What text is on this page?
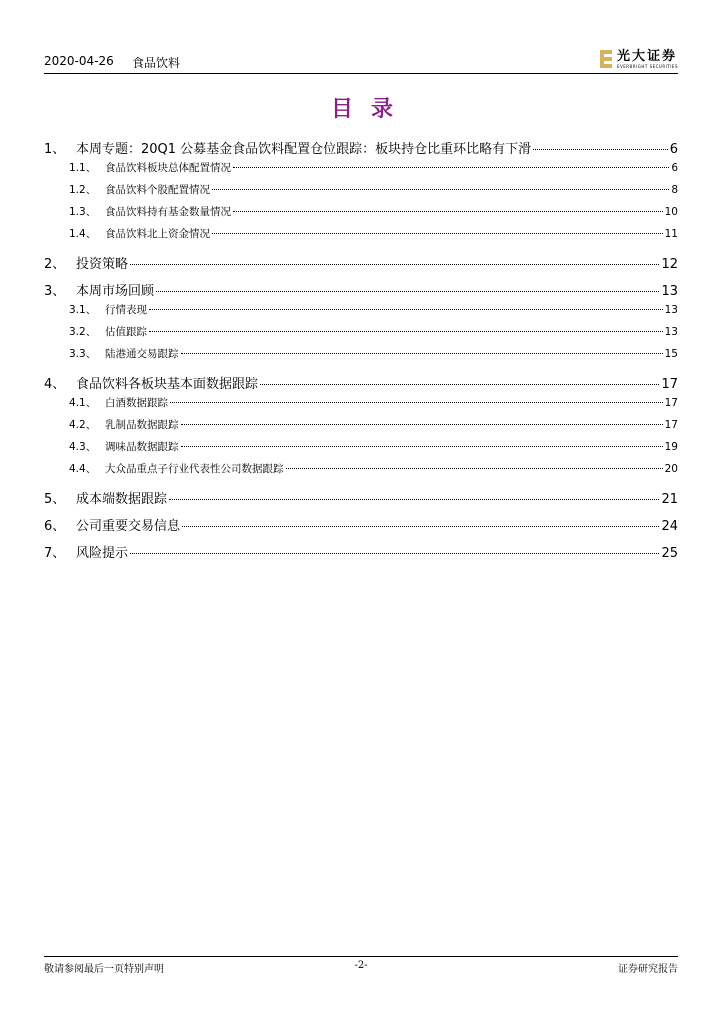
2020-04-26 食品饮料	光大证券
EVERBRIGHT SECURITIES
目录
1、 本周专题：20Q1 公募基金食品饮料配置仓位跟踪：板块持仓比重环比略有下滑	6
1.1、 食品饮料板块总体配置情况	6
1.2、 食品饮料个股配置情况	8
1.3、 食品饮料持有基金数量情况	10
1.4、 食品饮料北上资金情况	11
2、 投资策略	12
3、 本周市场回顾	13
3.1、 行情表现	13
3.2、 估值跟踪	13
3.3、 陆港通交易跟踪	15
4、 食品饮料各板块基本面数据跟踪	17
4.1、 白酒数据跟踪	17
4.2、 乳制品数据跟踪	17
4.3、 调味品数据跟踪	19
4.4、 大众品重点子行业代表性公司数据跟踪	20
5、 成本端数据跟踪	21
6、 公司重要交易信息	24
7、 风险提示	25
敬请参阅最后一页特别声明	-2-	证券研究报告
